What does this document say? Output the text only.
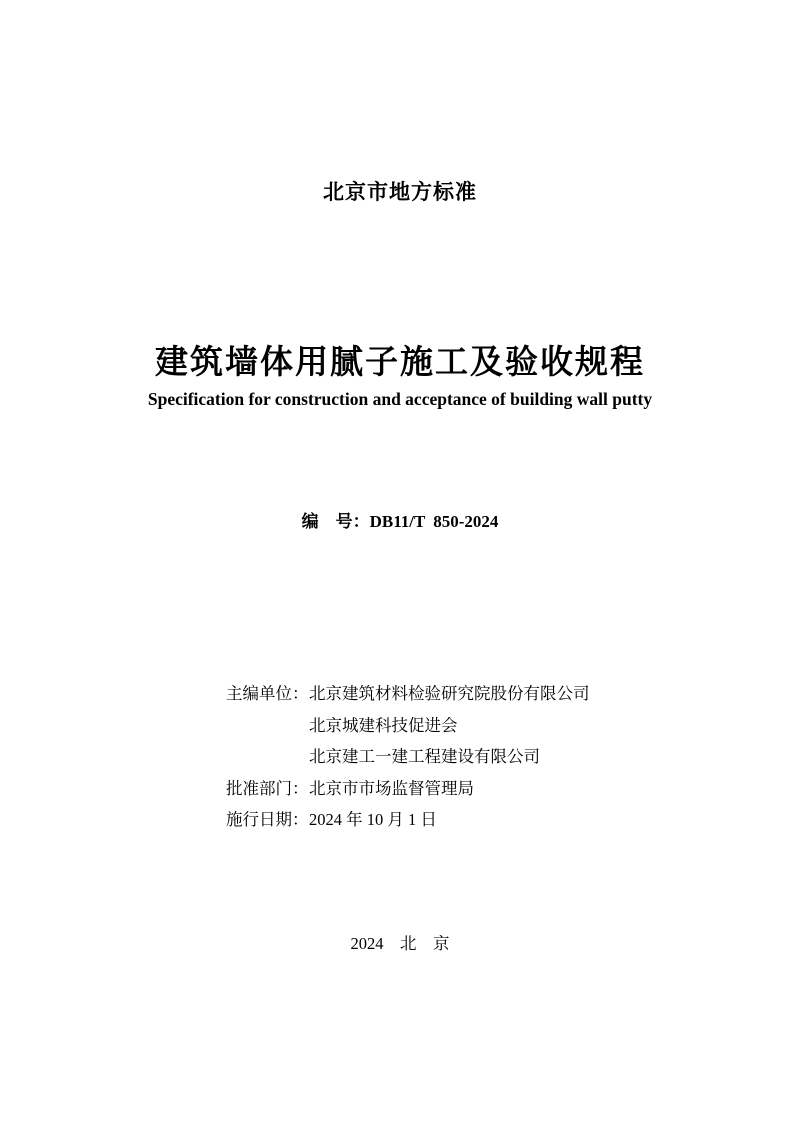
北京市地方标准
建筑墙体用腻子施工及验收规程
Specification for construction and acceptance of building wall putty
编　号：DB11/T 850-2024
主编单位： 北京建筑材料检验研究院股份有限公司
北京城建科技促进会
北京建工一建工程建设有限公司
批准部门： 北京市市场监督管理局
施行日期： 2024 年 10 月 1 日
2024　北　京
